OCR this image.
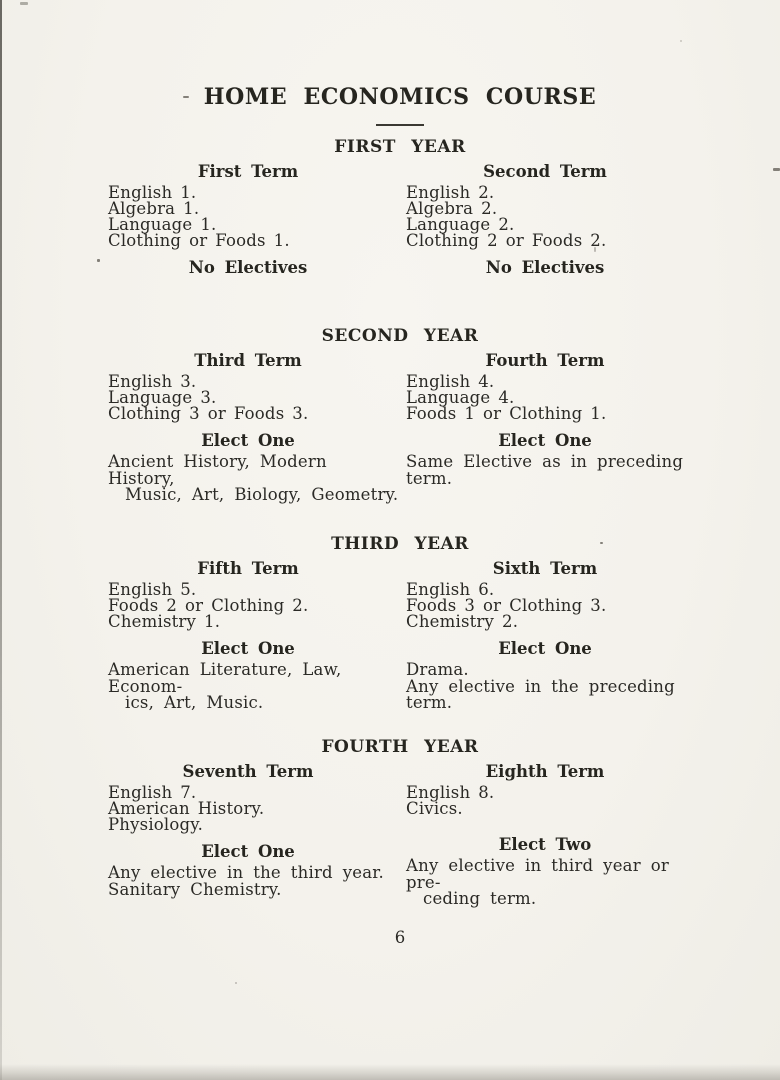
HOME ECONOMICS COURSE
FIRST YEAR
First Term
English 1.
Algebra 1.
Language 1.
Clothing or Foods 1.
No Electives
Second Term
English 2.
Algebra 2.
Language 2.
Clothing 2 or Foods 2.
No Electives
SECOND YEAR
Third Term
English 3.
Language 3.
Clothing 3 or Foods 3.
Elect One
Ancient History, Modern History,
Music, Art, Biology, Geometry.
Fourth Term
English 4.
Language 4.
Foods 1 or Clothing 1.
Elect One
Same Elective as in preceding term.
THIRD YEAR
Fifth Term
English 5.
Foods 2 or Clothing 2.
Chemistry 1.
Elect One
American Literature, Law, Econom-
ics, Art, Music.
Sixth Term
English 6.
Foods 3 or Clothing 3.
Chemistry 2.
Elect One
Drama.
Any elective in the preceding term.
FOURTH YEAR
Seventh Term
English 7.
American History.
Physiology.
Elect One
Any elective in the third year.
Sanitary Chemistry.
Eighth Term
English 8.
Civics.
Elect Two
Any elective in third year or pre-
ceding term.
6
